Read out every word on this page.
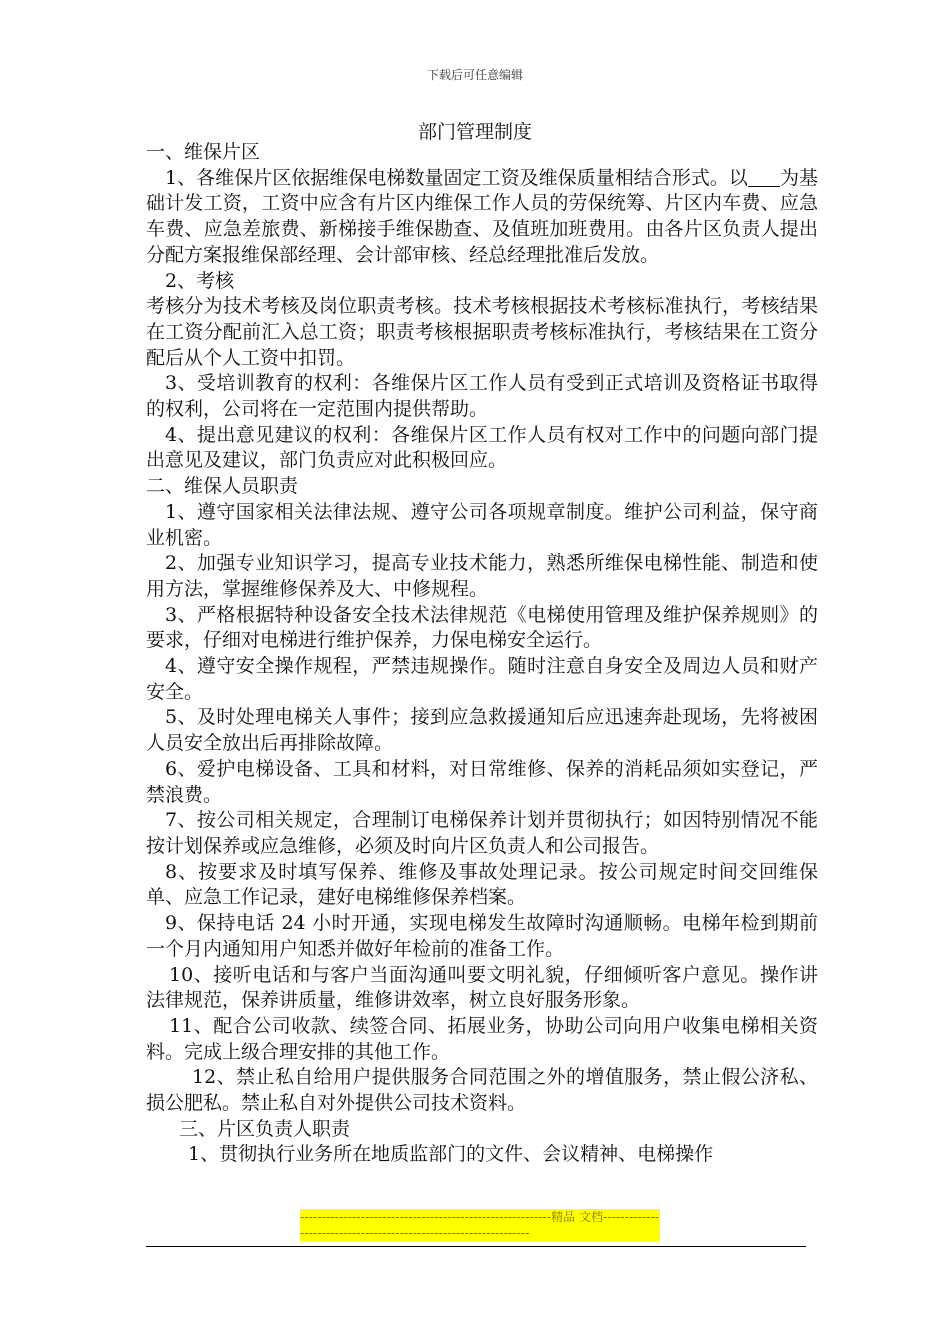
下载后可任意编辑
部门管理制度

一、维保片区

1、各维保片区依据维保电梯数量固定工资及维保质量相结合形式。以 为基础计发工资，工资中应含有片区内维保工作人员的劳保统筹、片区内车费、应急车费、应急差旅费、新梯接手维保勘查、及值班加班费用。由各片区负责人提出分配方案报维保部经理、会计部审核、经总经理批准后发放。

2、考核

考核分为技术考核及岗位职责考核。技术考核根据技术考核标准执行，考核结果在工资分配前汇入总工资；职责考核根据职责考核标准执行，考核结果在工资分配后从个人工资中扣罚。

3、受培训教育的权利：各维保片区工作人员有受到正式培训及资格证书取得的权利，公司将在一定范围内提供帮助。

4、提出意见建议的权利：各维保片区工作人员有权对工作中的问题向部门提出意见及建议，部门负责应对此积极回应。

二、维保人员职责

1、遵守国家相关法律法规、遵守公司各项规章制度。维护公司利益，保守商业机密。

2、加强专业知识学习，提高专业技术能力，熟悉所维保电梯性能、制造和使用方法，掌握维修保养及大、中修规程。

3、严格根据特种设备安全技术法律规范《电梯使用管理及维护保养规则》的要求，仔细对电梯进行维护保养，力保电梯安全运行。

4、遵守安全操作规程，严禁违规操作。随时注意自身安全及周边人员和财产安全。

5、及时处理电梯关人事件；接到应急救援通知后应迅速奔赴现场，先将被困人员安全放出后再排除故障。

6、爱护电梯设备、工具和材料，对日常维修、保养的消耗品须如实登记，严禁浪费。

7、按公司相关规定，合理制订电梯保养计划并贯彻执行；如因特别情况不能按计划保养或应急维修，必须及时向片区负责人和公司报告。

8、按要求及时填写保养、维修及事故处理记录。按公司规定时间交回维保单、应急工作记录，建好电梯维修保养档案。

9、保持电话 24 小时开通，实现电梯发生故障时沟通顺畅。电梯年检到期前一个月内通知用户知悉并做好年检前的准备工作。

10、接听电话和与客户当面沟通叫要文明礼貌，仔细倾听客户意见。操作讲法律规范，保养讲质量，维修讲效率，树立良好服务形象。

11、配合公司收款、续签合同、拓展业务，协助公司向用户收集电梯相关资料。完成上级合理安排的其他工作。

12、禁止私自给用户提供服务合同范围之外的增值服务，禁止假公济私、损公肥私。禁止私自对外提供公司技术资料。

三、片区负责人职责

1、贯彻执行业务所在地质监部门的文件、会议精神、电梯操作

----------------------------------------------------------精品 文档------------------------------------------------------------------
